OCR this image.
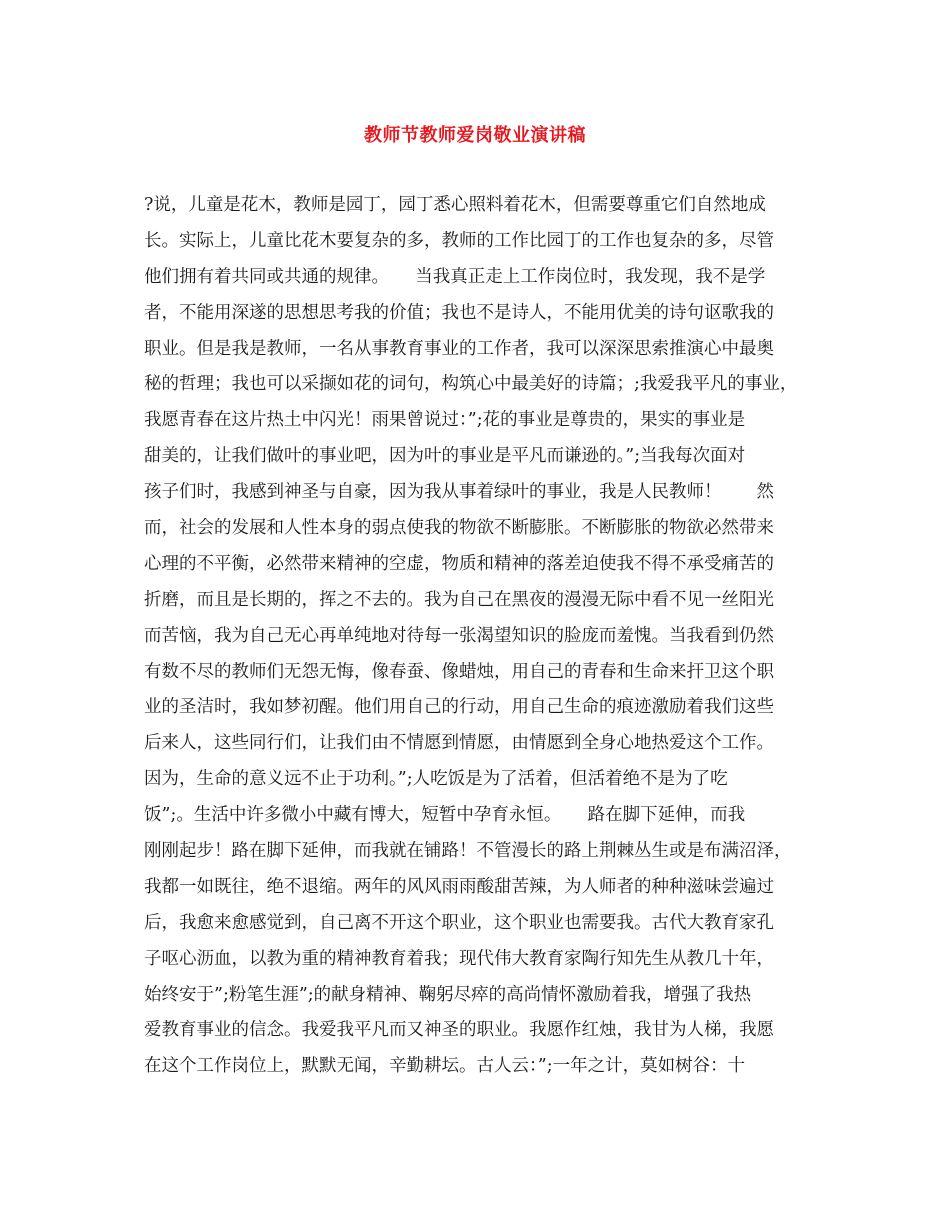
教师节教师爱岗敬业演讲稿
?说，儿童是花木，教师是园丁，园丁悉心照料着花木，但需要尊重它们自然地成
长。实际上，儿童比花木要复杂的多，教师的工作比园丁的工作也复杂的多，尽管
他们拥有着共同或共通的规律。　　当我真正走上工作岗位时，我发现，我不是学
者，不能用深遂的思想思考我的价值；我也不是诗人，不能用优美的诗句讴歌我的
职业。但是我是教师，一名从事教育事业的工作者，我可以深深思索推演心中最奥
秘的哲理；我也可以采撷如花的词句，构筑心中最美好的诗篇；;我爱我平凡的事业，
我愿青春在这片热土中闪光！雨果曾说过：”;花的事业是尊贵的，果实的事业是
甜美的，让我们做叶的事业吧，因为叶的事业是平凡而谦逊的。”;当我每次面对
孩子们时，我感到神圣与自豪，因为我从事着绿叶的事业，我是人民教师！　　然
而，社会的发展和人性本身的弱点使我的物欲不断膨胀。不断膨胀的物欲必然带来
心理的不平衡，必然带来精神的空虚，物质和精神的落差迫使我不得不承受痛苦的
折磨，而且是长期的，挥之不去的。我为自己在黑夜的漫漫无际中看不见一丝阳光
而苦恼，我为自己无心再单纯地对待每一张渴望知识的脸庞而羞愧。当我看到仍然
有数不尽的教师们无怨无悔，像春蚕、像蜡烛，用自己的青春和生命来扞卫这个职
业的圣洁时，我如梦初醒。他们用自己的行动，用自己生命的痕迹激励着我们这些
后来人，这些同行们，让我们由不情愿到情愿，由情愿到全身心地热爱这个工作。
因为，生命的意义远不止于功利。”;人吃饭是为了活着，但活着绝不是为了吃
饭”;。生活中许多微小中藏有博大，短暂中孕育永恒。　　路在脚下延伸，而我
刚刚起步！路在脚下延伸，而我就在铺路！不管漫长的路上荆棘丛生或是布满沼泽，
我都一如既往，绝不退缩。两年的风风雨雨酸甜苦辣，为人师者的种种滋味尝遍过
后，我愈来愈感觉到，自己离不开这个职业，这个职业也需要我。古代大教育家孔
子呕心沥血，以教为重的精神教育着我；现代伟大教育家陶行知先生从教几十年，
始终安于”;粉笔生涯”;的献身精神、鞠躬尽瘁的高尚情怀激励着我，增强了我热
爱教育事业的信念。我爱我平凡而又神圣的职业。我愿作红烛，我甘为人梯，我愿
在这个工作岗位上，默默无闻，辛勤耕坛。古人云：”;一年之计，莫如树谷：十
